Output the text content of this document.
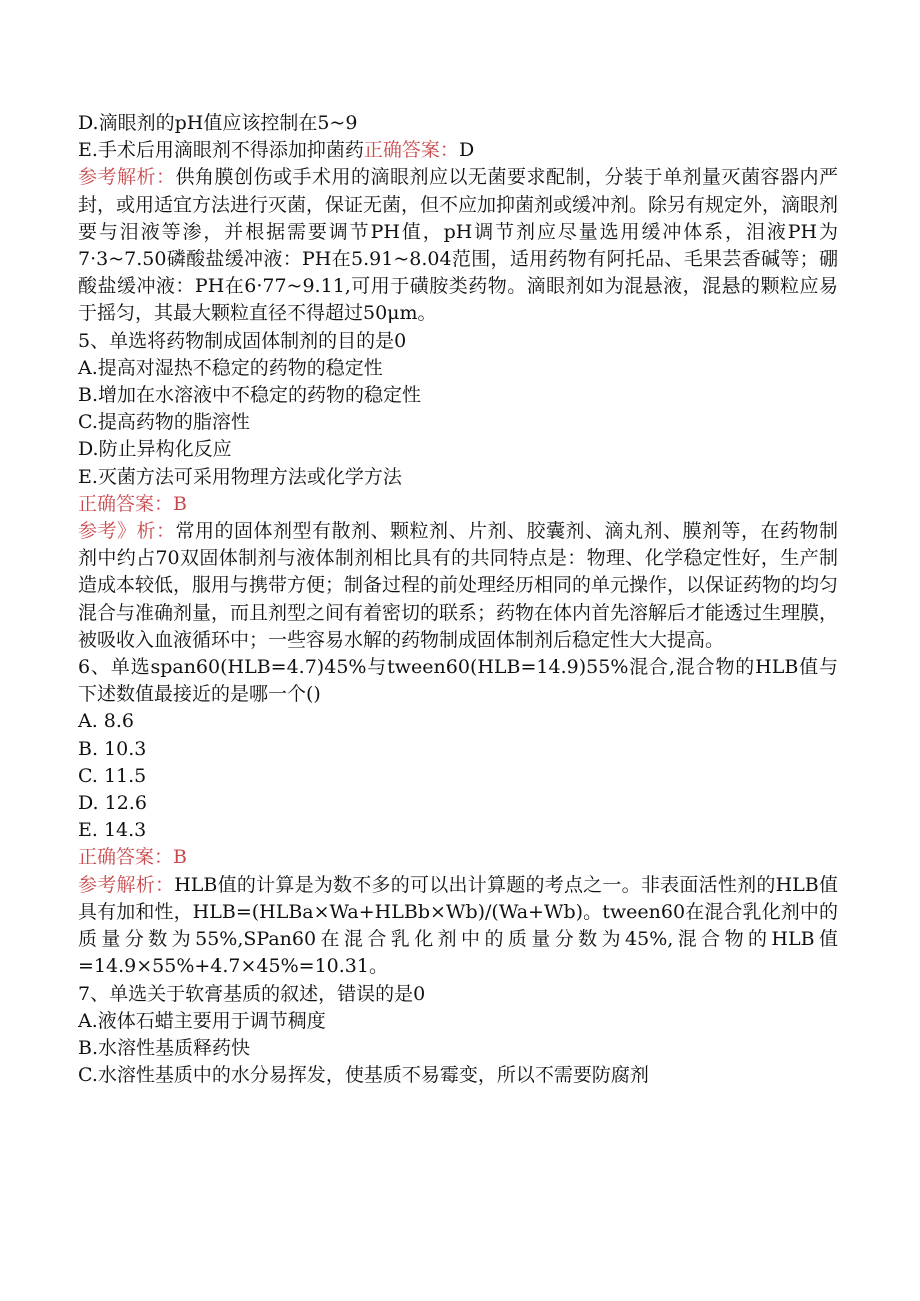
D.滴眼剂的pH值应该控制在5~9

E.手术后用滴眼剂不得添加抑菌药正确答案：D

参考解析：供角膜创伤或手术用的滴眼剂应以无菌要求配制，分装于单剂量灭菌容器内严封，或用适宜方法进行灭菌，保证无菌，但不应加抑菌剂或缓冲剂。除另有规定外，滴眼剂要与泪液等渗，并根据需要调节PH值，pH调节剂应尽量选用缓冲体系，泪液PH为7·3~7.50磷酸盐缓冲液：PH在5.91~8.04范围，适用药物有阿托品、毛果芸香碱等；硼酸盐缓冲液：PH在6·77~9.11,可用于磺胺类药物。滴眼剂如为混悬液，混悬的颗粒应易于摇匀，其最大颗粒直径不得超过50μm。

5、单选将药物制成固体制剂的目的是0

A.提高对湿热不稳定的药物的稳定性

B.增加在水溶液中不稳定的药物的稳定性

C.提高药物的脂溶性

D.防止异构化反应

E.灭菌方法可采用物理方法或化学方法

正确答案：B

参考》析：常用的固体剂型有散剂、颗粒剂、片剂、胶囊剂、滴丸剂、膜剂等，在药物制剂中约占70双固体制剂与液体制剂相比具有的共同特点是：物理、化学稳定性好，生产制造成本较低，服用与携带方便；制备过程的前处理经历相同的单元操作，以保证药物的均匀混合与准确剂量，而且剂型之间有着密切的联系；药物在体内首先溶解后才能透过生理膜，被吸收入血液循环中；一些容易水解的药物制成固体制剂后稳定性大大提高。

6、单选span60(HLB=4.7)45%与tween60(HLB=14.9)55%混合,混合物的HLB值与下述数值最接近的是哪一个()

A. 8.6

B. 10.3

C. 11.5

D. 12.6

E. 14.3

正确答案：B

参考解析：HLB值的计算是为数不多的可以出计算题的考点之一。非表面活性剂的HLB值具有加和性，HLB=(HLBa×Wa+HLBb×Wb)/(Wa+Wb)。tween60在混合乳化剂中的质量分数为55%,SPan60在混合乳化剂中的质量分数为45%,混合物的HLB值=14.9×55%+4.7×45%=10.31。

7、单选关于软膏基质的叙述，错误的是0

A.液体石蜡主要用于调节稠度

B.水溶性基质释药快

C.水溶性基质中的水分易挥发，使基质不易霉变，所以不需要防腐剂
